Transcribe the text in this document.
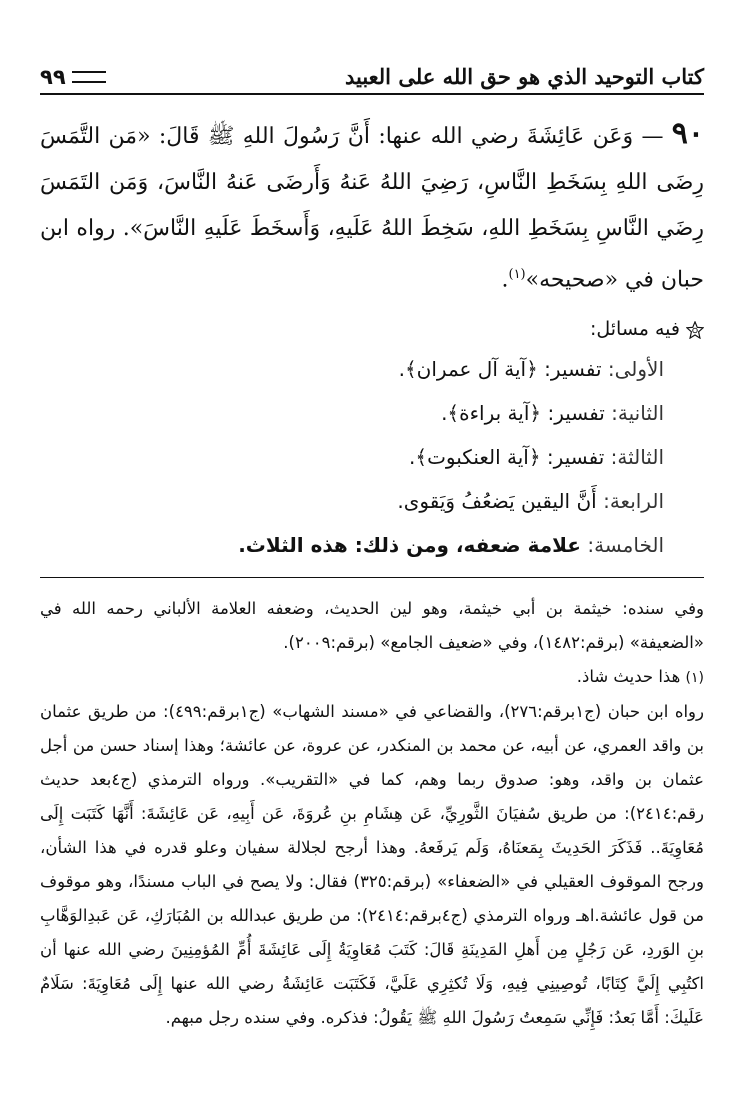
كتاب التوحيد الذي هو حق الله على العبيد
٩٩
٩٠ — وَعَن عَائِشَةَ رضي الله عنها: أَنَّ رَسُولَ اللهِ ﷺ قَالَ: «مَن التَّمَسَ رِضَى اللهِ بِسَخَطِ النَّاسِ، رَضِيَ اللهُ عَنهُ وَأَرضَى عَنهُ النَّاسَ، وَمَن التَمَسَ رِضَي النَّاسِ بِسَخَطِ اللهِ، سَخِطَ اللهُ عَلَيهِ، وَأَسخَطَ عَلَيهِ النَّاسَ». رواه ابن حبان في «صحيحه»$^{(١)}$.
فيه مسائل:
الأولى: تفسير: ﴿آية آل عمران﴾.
الثانية: تفسير: ﴿آية براءة﴾.
الثالثة: تفسير: ﴿آية العنكبوت﴾.
الرابعة: أَنَّ اليقين يَضعُفُ وَيَقوى.
الخامسة: علامة ضعفه، ومن ذلك: هذه الثلاث.

وفي سنده: خيثمة بن أبي خيثمة، وهو لين الحديث، وضعفه العلامة الألباني رحمه الله في «الضعيفة» (برقم:١٤٨٢)، وفي «ضعيف الجامع» (برقم:٢٠٠٩).

(١) هذا حديث شاذ.

رواه ابن حبان (ج١برقم:٢٧٦)، والقضاعي في «مسند الشهاب» (ج١برقم:٤٩٩): من طريق عثمان بن واقد العمري، عن أبيه، عن محمد بن المنكدر، عن عروة، عن عائشة؛ وهذا إسناد حسن من أجل عثمان بن واقد، وهو: صدوق ربما وهم، كما في «التقريب». ورواه الترمذي (ج٤بعد حديث رقم:٢٤١٤): من طريق سُفيَانَ الثَّورِيِّ، عَن هِشَامِ بنِ عُروَةَ، عَن أَبِيهِ، عَن عَائِشَةَ: أَنَّهَا كَتَبَت إِلَى مُعَاوِيَةَ.. فَذَكَرَ الحَدِيثَ بِمَعنَاهُ، وَلَم يَرفَعهُ. وهذا أرجح لجلالة سفيان وعلو قدره في هذا الشأن، ورجح الموقوف العقيلي في «الضعفاء» (برقم:٣٢٥) فقال: ولا يصح في الباب مسندًا، وهو موقوف من قول عائشة.اهـ ورواه الترمذي (ج٤برقم:٢٤١٤): من طريق عبدالله بن المُبَارَكِ، عَن عَبدِالوَهَّابِ بنِ الوَردِ، عَن رَجُلٍ مِن أَهلِ المَدِينَةِ قَالَ: كَتَبَ مُعَاوِيَةُ إِلَى عَائِشَةَ أُمِّ المُؤمِنِينَ رضي الله عنها أن اكتُبِي إِلَيَّ كِتَابًا، تُوصِينِي فِيهِ، وَلَا تُكثِرِي عَلَيَّ، فَكَتَبَت عَائِشَةُ رضي الله عنها إِلَى مُعَاوِيَةَ: سَلَامٌ عَلَيكَ: أَمَّا بَعدُ: فَإِنِّي سَمِعتُ رَسُولَ اللهِ ﷺ يَقُولُ: فذكره. وفي سنده رجل مبهم.
